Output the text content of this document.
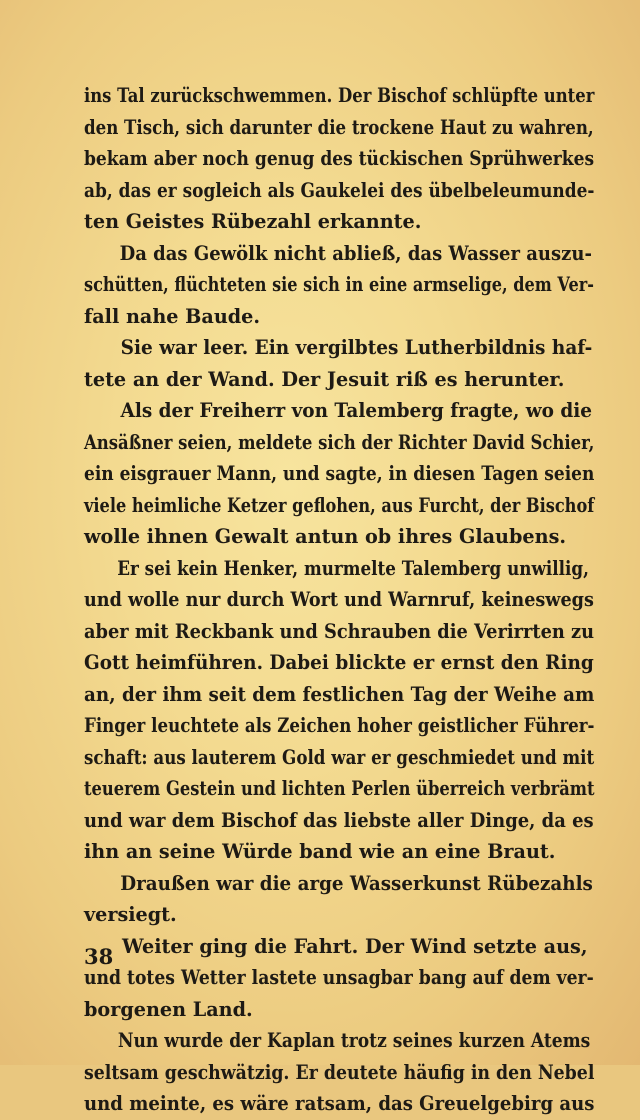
ins Tal zurückschwemmen. Der Bischof schlüpfte unter
den Tisch, sich darunter die trockene Haut zu wahren,
bekam aber noch genug des tückischen Sprühwerkes
ab, das er sogleich als Gaukelei des übelbeleumunde-
ten Geistes Rübezahl erkannte.
Da das Gewölk nicht abließ, das Wasser auszu-
schütten, flüchteten sie sich in eine armselige, dem Ver-
fall nahe Baude.
Sie war leer. Ein vergilbtes Lutherbildnis haf-
tete an der Wand. Der Jesuit riß es herunter.
Als der Freiherr von Talemberg fragte, wo die
Ansäßner seien, meldete sich der Richter David Schier,
ein eisgrauer Mann, und sagte, in diesen Tagen seien
viele heimliche Ketzer geflohen, aus Furcht, der Bischof
wolle ihnen Gewalt antun ob ihres Glaubens.
Er sei kein Henker, murmelte Talemberg unwillig,
und wolle nur durch Wort und Warnruf, keineswegs
aber mit Reckbank und Schrauben die Verirrten zu
Gott heimführen. Dabei blickte er ernst den Ring
an, der ihm seit dem festlichen Tag der Weihe am
Finger leuchtete als Zeichen hoher geistlicher Führer-
schaft: aus lauterem Gold war er geschmiedet und mit
teuerem Gestein und lichten Perlen überreich verbrämt
und war dem Bischof das liebste aller Dinge, da es
ihn an seine Würde band wie an eine Braut.
Draußen war die arge Wasserkunst Rübezahls
versiegt.
Weiter ging die Fahrt. Der Wind setzte aus,
und totes Wetter lastete unsagbar bang auf dem ver-
borgenen Land.
Nun wurde der Kaplan trotz seines kurzen Atems
seltsam geschwätzig. Er deutete häufig in den Nebel
und meinte, es wäre ratsam, das Greuelgebirg aus
38
